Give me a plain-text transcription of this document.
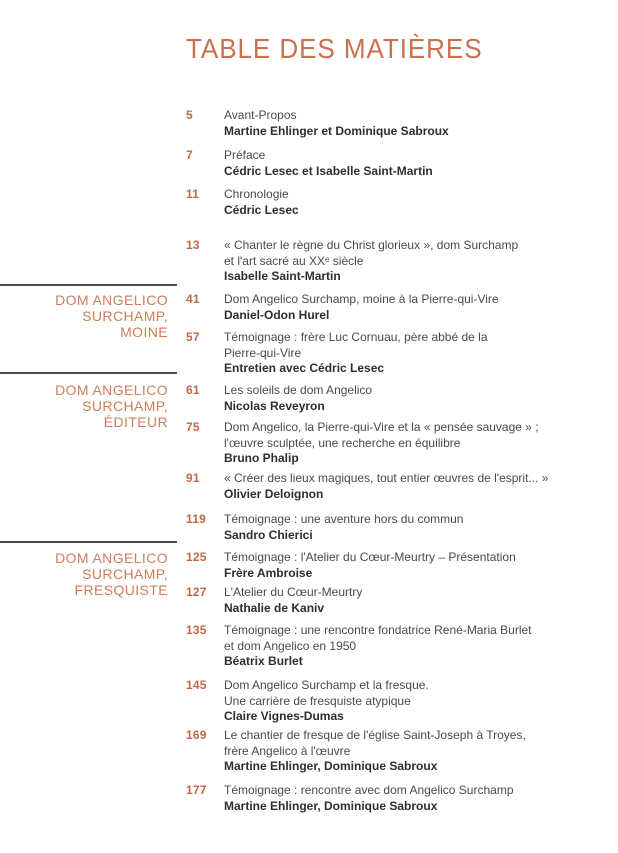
TABLE DES MATIÈRES
DOM ANGELICO
SURCHAMP,
MOINE
DOM ANGELICO
SURCHAMP,
ÉDITEUR
DOM ANGELICO
SURCHAMP,
FRESQUISTE
5	Avant-Propos
Martine Ehlinger et Dominique Sabroux
7	Préface
Cédric Lesec et Isabelle Saint-Martin
11 Chronologie
Cédric Lesec
13 « Chanter le règne du Christ glorieux », dom Surchamp
et l'art sacré au XXᵉ siècle
Isabelle Saint-Martin
41 Dom Angelico Surchamp, moine à la Pierre-qui-Vire
Daniel-Odon Hurel
57 Témoignage : frère Luc Cornuau, père abbé de la
Pierre-qui-Vire
Entretien avec Cédric Lesec
61 Les soleils de dom Angelico
Nicolas Reveyron
75 Dom Angelico, la Pierre-qui-Vire et la « pensée sauvage » ;
l'œuvre sculptée, une recherche en équilibre
Bruno Phalip
91 « Créer des lieux magiques, tout entier œuvres de l'esprit... »
Olivier Deloignon
119 Témoignage : une aventure hors du commun
Sandro Chierici
125 Témoignage : l'Atelier du Cœur-Meurtry – Présentation
Frère Ambroise
127 L'Atelier du Cœur-Meurtry
Nathalie de Kaniv
135 Témoignage : une rencontre fondatrice René-Maria Burlet
et dom Angelico en 1950
Béatrix Burlet
145 Dom Angelico Surchamp et la fresque.
Une carrière de fresquiste atypique
Claire Vignes-Dumas
169 Le chantier de fresque de l'église Saint-Joseph à Troyes,
frère Angelico à l'œuvre
Martine Ehlinger, Dominique Sabroux
177 Témoignage : rencontre avec dom Angelico Surchamp
Martine Ehlinger, Dominique Sabroux
